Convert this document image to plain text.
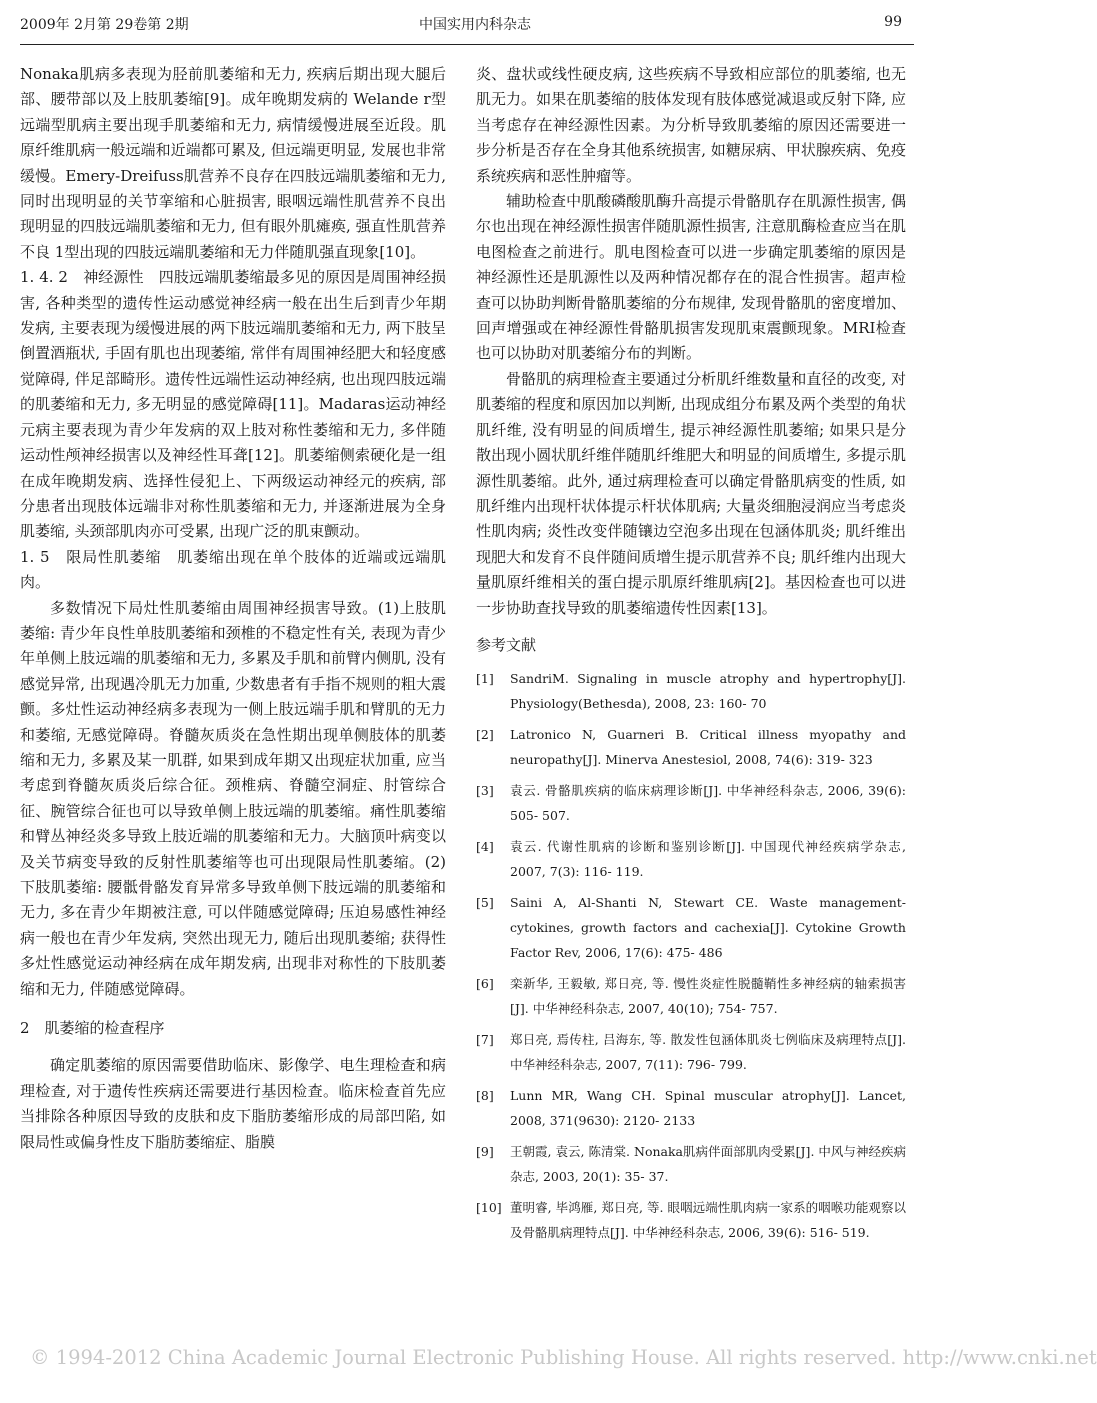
2009年 2月第 29卷第 2期	中国实用内科杂志	99

Nonaka肌病多表现为胫前肌萎缩和无力, 疾病后期出现大腿后部、腰带部以及上肢肌萎缩[9]。成年晚期发病的 Welande r型远端型肌病主要出现手肌萎缩和无力, 病情缓慢进展至近段。肌原纤维肌病一般远端和近端都可累及, 但远端更明显, 发展也非常缓慢。Emery-Dreifuss肌营养不良存在四肢远端肌萎缩和无力, 同时出现明显的关节挛缩和心脏损害, 眼咽远端性肌营养不良出现明显的四肢远端肌萎缩和无力, 但有眼外肌瘫痪, 强直性肌营养不良 1型出现的四肢远端肌萎缩和无力伴随肌强直现象[10]。

1. 4. 2　神经源性　四肢远端肌萎缩最多见的原因是周围神经损害, 各种类型的遗传性运动感觉神经病一般在出生后到青少年期发病, 主要表现为缓慢进展的两下肢远端肌萎缩和无力, 两下肢呈倒置酒瓶状, 手固有肌也出现萎缩, 常伴有周围神经肥大和轻度感觉障碍, 伴足部畸形。遗传性远端性运动神经病, 也出现四肢远端的肌萎缩和无力, 多无明显的感觉障碍[11]。Madaras运动神经元病主要表现为青少年发病的双上肢对称性萎缩和无力, 多伴随运动性颅神经损害以及神经性耳聋[12]。肌萎缩侧索硬化是一组在成年晚期发病、选择性侵犯上、下两级运动神经元的疾病, 部分患者出现肢体远端非对称性肌萎缩和无力, 并逐渐进展为全身肌萎缩, 头颈部肌肉亦可受累, 出现广泛的肌束颤动。

1. 5　限局性肌萎缩　肌萎缩出现在单个肢体的近端或远端肌肉。

多数情况下局灶性肌萎缩由周围神经损害导致。(1)上肢肌萎缩: 青少年良性单肢肌萎缩和颈椎的不稳定性有关, 表现为青少年单侧上肢远端的肌萎缩和无力, 多累及手肌和前臂内侧肌, 没有感觉异常, 出现遇冷肌无力加重, 少数患者有手指不规则的粗大震颤。多灶性运动神经病多表现为一侧上肢远端手肌和臂肌的无力和萎缩, 无感觉障碍。脊髓灰质炎在急性期出现单侧肢体的肌萎缩和无力, 多累及某一肌群, 如果到成年期又出现症状加重, 应当考虑到脊髓灰质炎后综合征。颈椎病、脊髓空洞症、肘管综合征、腕管综合征也可以导致单侧上肢远端的肌萎缩。痛性肌萎缩和臂丛神经炎多导致上肢近端的肌萎缩和无力。大脑顶叶病变以及关节病变导致的反射性肌萎缩等也可出现限局性肌萎缩。(2)下肢肌萎缩: 腰骶骨骼发育异常多导致单侧下肢远端的肌萎缩和无力, 多在青少年期被注意, 可以伴随感觉障碍; 压迫易感性神经病一般也在青少年发病, 突然出现无力, 随后出现肌萎缩; 获得性多灶性感觉运动神经病在成年期发病, 出现非对称性的下肢肌萎缩和无力, 伴随感觉障碍。

2　肌萎缩的检查程序

确定肌萎缩的原因需要借助临床、影像学、电生理检查和病理检查, 对于遗传性疾病还需要进行基因检查。临床检查首先应当排除各种原因导致的皮肤和皮下脂肪萎缩形成的局部凹陷, 如限局性或偏身性皮下脂肪萎缩症、脂膜

炎、盘状或线性硬皮病, 这些疾病不导致相应部位的肌萎缩, 也无肌无力。如果在肌萎缩的肢体发现有肢体感觉减退或反射下降, 应当考虑存在神经源性因素。为分析导致肌萎缩的原因还需要进一步分析是否存在全身其他系统损害, 如糖尿病、甲状腺疾病、免疫系统疾病和恶性肿瘤等。

辅助检查中肌酸磷酸肌酶升高提示骨骼肌存在肌源性损害, 偶尔也出现在神经源性损害伴随肌源性损害, 注意肌酶检查应当在肌电图检查之前进行。肌电图检查可以进一步确定肌萎缩的原因是神经源性还是肌源性以及两种情况都存在的混合性损害。超声检查可以协助判断骨骼肌萎缩的分布规律, 发现骨骼肌的密度增加、回声增强或在神经源性骨骼肌损害发现肌束震颤现象。MRI检查也可以协助对肌萎缩分布的判断。

骨骼肌的病理检查主要通过分析肌纤维数量和直径的改变, 对肌萎缩的程度和原因加以判断, 出现成组分布累及两个类型的角状肌纤维, 没有明显的间质增生, 提示神经源性肌萎缩; 如果只是分散出现小圆状肌纤维伴随肌纤维肥大和明显的间质增生, 多提示肌源性肌萎缩。此外, 通过病理检查可以确定骨骼肌病变的性质, 如肌纤维内出现杆状体提示杆状体肌病; 大量炎细胞浸润应当考虑炎性肌肉病; 炎性改变伴随镶边空泡多出现在包涵体肌炎; 肌纤维出现肥大和发育不良伴随间质增生提示肌营养不良; 肌纤维内出现大量肌原纤维相关的蛋白提示肌原纤维肌病[2]。基因检查也可以进一步协助查找导致的肌萎缩遗传性因素[13]。

参考文献

[1]	SandriM. Signaling in muscle atrophy and hypertrophy[J]. Physiology(Bethesda), 2008, 23: 160- 70
[2]	Latronico N, Guarneri B. Critical illness myopathy and neuropathy[J]. Minerva Anestesiol, 2008, 74(6): 319- 323
[3]	袁云. 骨骼肌疾病的临床病理诊断[J]. 中华神经科杂志, 2006, 39(6): 505- 507.
[4]	袁云. 代谢性肌病的诊断和鉴别诊断[J]. 中国现代神经疾病学杂志, 2007, 7(3): 116- 119.
[5]	Saini A, Al-Shanti N, Stewart CE. Waste management-cytokines, growth factors and cachexia[J]. Cytokine Growth Factor Rev, 2006, 17(6): 475- 486
[6]	栾新华, 王毅敏, 郑日亮, 等. 慢性炎症性脱髓鞘性多神经病的轴索损害[J]. 中华神经科杂志, 2007, 40(10); 754- 757.
[7]	郑日亮, 焉传柱, 吕海东, 等. 散发性包涵体肌炎七例临床及病理特点[J]. 中华神经科杂志, 2007, 7(11): 796- 799.
[8]	Lunn MR, Wang CH. Spinal muscular atrophy[J]. Lancet, 2008, 371(9630): 2120- 2133
[9]	王朝霞, 袁云, 陈清棠. Nonaka肌病伴面部肌肉受累[J]. 中风与神经疾病杂志, 2003, 20(1): 35- 37.
[10] 董明睿, 毕鸿雁, 郑日亮, 等. 眼咽远端性肌肉病一家系的咽喉功能观察以及骨骼肌病理特点[J]. 中华神经科杂志, 2006, 39(6): 516- 519.
© 1994-2012 China Academic Journal Electronic Publishing House. All rights reserved. http://www.cnki.net
